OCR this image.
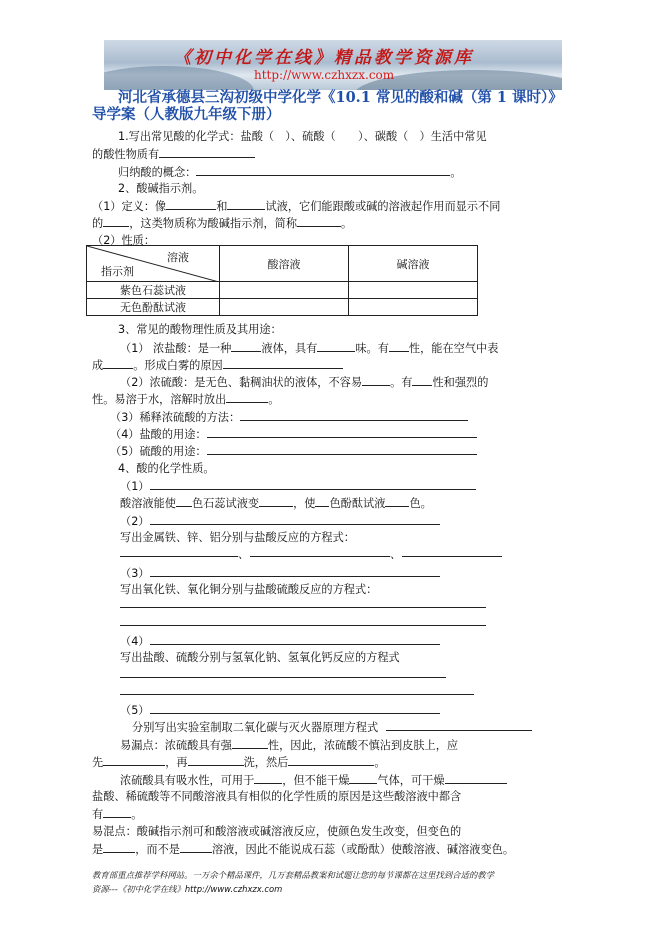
《初中化学在线》精品教学资源库
http://www.czhxzx.com
河北省承德县三沟初级中学化学《10.1 常见的酸和碱（第 1 课时）》
导学案（人教版九年级下册）
1.写出常见酸的化学式：盐酸（　）、硫酸（　　）、碳酸（　）生活中常见
的酸性物质有
归纳酸的概念：	。
2、酸碱指示剂。
（1）定义：像	和	试液，它们能跟酸或碱的溶液起作用而显示不同
的 ，这类物质称为酸碱指示剂，简称	。
（2）性质：
溶液
指示剂	酸溶液	碱溶液
紫色石蕊试液		
无色酚酞试液		
3、常见的酸物理性质及其用途：
（1） 浓盐酸：是一种	液体，具有	味。有 性，能在空气中表
成	。形成白雾的原因
（2）浓硫酸：是无色、黏稠油状的液体，不容易	。有 性和强烈的
性。易溶于水，溶解时放出	。
（3）稀释浓硫酸的方法：
（4）盐酸的用途：
（5）硫酸的用途：
4、酸的化学性质。
（1）
酸溶液能使 色石蕊试液变	，使 色酚酞试液 色。
（2）
写出金属铁、锌、铝分别与盐酸反应的方程式：
、	、
（3）
写出氧化铁、氧化铜分别与盐酸硫酸反应的方程式：
（4）
写出盐酸、硫酸分别与氢氧化钠、氢氧化钙反应的方程式
（5）
分别写出实验室制取二氧化碳与灭火器原理方程式
易漏点：浓硫酸具有强	性，因此，浓硫酸不慎沾到皮肤上，应
先	，再	洗，然后	。
浓硫酸具有吸水性，可用于	，但不能干燥	气体，可干燥
盐酸、稀硫酸等不同酸溶液具有相似的化学性质的原因是这些酸溶液中都含
有	。
易混点：酸碱指示剂可和酸溶液或碱溶液反应，使颜色发生改变，但变色的
是	，而不是	溶液，因此不能说成石蕊（或酚酞）使酸溶液、碱溶液变色。
教育部重点推荐学科网站。一万余个精品课件，几万套精品教案和试题让您的每节课都在这里找到合适的教学
资源---《初中化学在线》http://www.czhxzx.com
